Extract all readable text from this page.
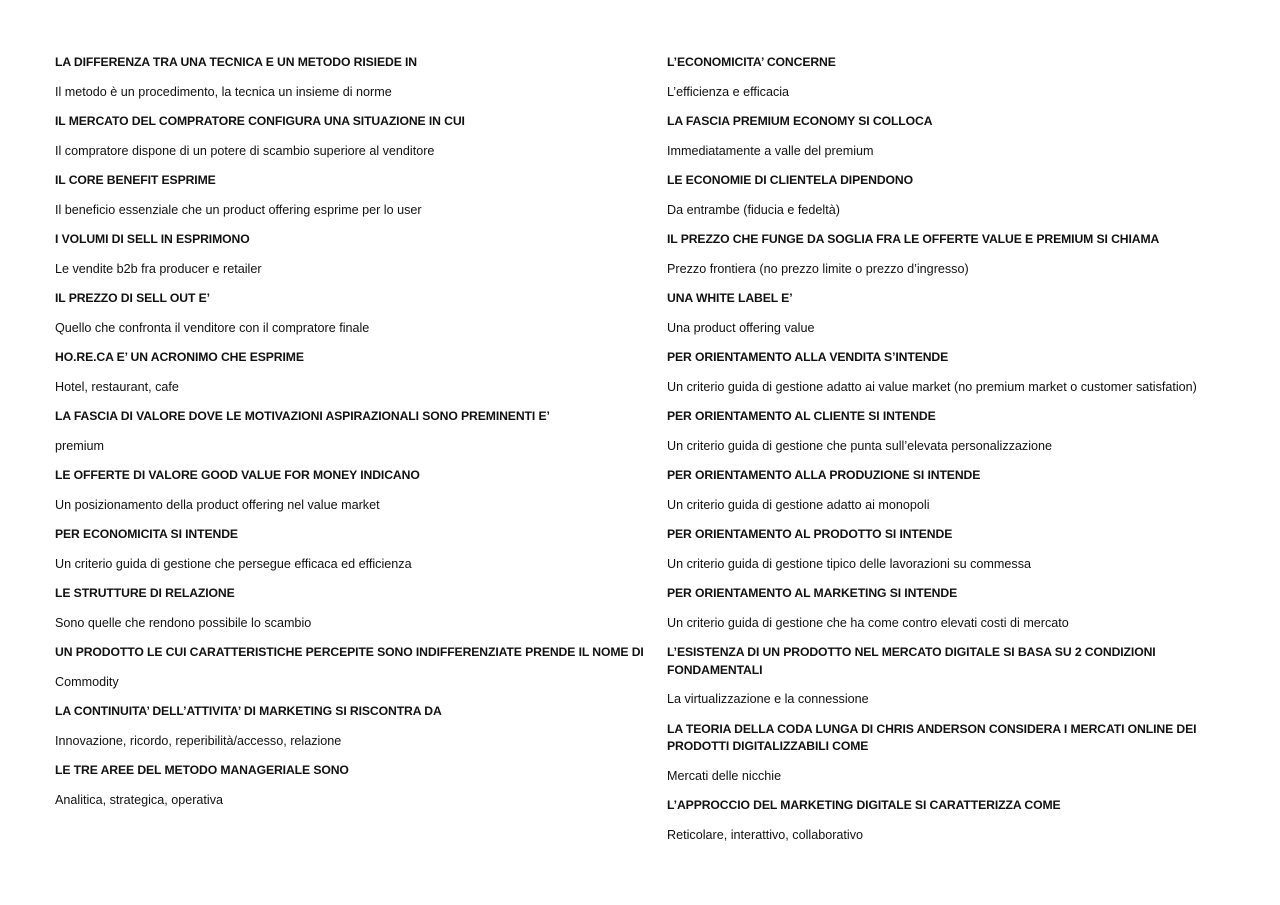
LA DIFFERENZA TRA UNA TECNICA E UN METODO RISIEDE IN

Il metodo è un procedimento, la tecnica un insieme di norme

IL MERCATO DEL COMPRATORE CONFIGURA UNA SITUAZIONE IN CUI

Il compratore dispone di un potere di scambio superiore al venditore

IL CORE BENEFIT ESPRIME

Il beneficio essenziale che un product offering esprime per lo user

I VOLUMI DI SELL IN ESPRIMONO

Le vendite b2b fra producer e retailer

IL PREZZO DI SELL OUT E’

Quello che confronta il venditore con il compratore finale

HO.RE.CA E’ UN ACRONIMO CHE ESPRIME

Hotel, restaurant, cafe

LA FASCIA DI VALORE DOVE LE MOTIVAZIONI ASPIRAZIONALI SONO PREMINENTI E’

premium

LE OFFERTE DI VALORE GOOD VALUE FOR MONEY INDICANO

Un posizionamento della product offering nel value market

PER ECONOMICITA SI INTENDE

Un criterio guida di gestione che persegue efficaca ed efficienza

LE STRUTTURE DI RELAZIONE

Sono quelle che rendono possibile lo scambio

UN PRODOTTO LE CUI CARATTERISTICHE PERCEPITE SONO INDIFFERENZIATE PRENDE IL NOME DI

Commodity

LA CONTINUITA’ DELL’ATTIVITA’ DI MARKETING SI RISCONTRA DA

Innovazione, ricordo, reperibilità/accesso, relazione

LE TRE AREE DEL METODO MANAGERIALE SONO

Analitica, strategica, operativa

L’ECONOMICITA’ CONCERNE

L’efficienza e efficacia

LA FASCIA PREMIUM ECONOMY SI COLLOCA

Immediatamente a valle del premium

LE ECONOMIE DI CLIENTELA DIPENDONO

Da entrambe (fiducia e fedeltà)

IL PREZZO CHE FUNGE DA SOGLIA FRA LE OFFERTE VALUE E PREMIUM SI CHIAMA

Prezzo frontiera (no prezzo limite o prezzo d’ingresso)

UNA WHITE LABEL E’

Una product offering value

PER ORIENTAMENTO ALLA VENDITA S’INTENDE

Un criterio guida di gestione adatto ai value market (no premium market o customer satisfation)

PER ORIENTAMENTO AL CLIENTE SI INTENDE

Un criterio guida di gestione che punta sull’elevata personalizzazione

PER ORIENTAMENTO ALLA PRODUZIONE SI INTENDE

Un criterio guida di gestione adatto ai monopoli

PER ORIENTAMENTO AL PRODOTTO SI INTENDE

Un criterio guida di gestione tipico delle lavorazioni su commessa

PER ORIENTAMENTO AL MARKETING SI INTENDE

Un criterio guida di gestione che ha come contro elevati costi di mercato

L’ESISTENZA DI UN PRODOTTO NEL MERCATO DIGITALE SI BASA SU 2 CONDIZIONI FONDAMENTALI

La virtualizzazione e la connessione

LA TEORIA DELLA CODA LUNGA DI CHRIS ANDERSON CONSIDERA I MERCATI ONLINE DEI PRODOTTI DIGITALIZZABILI COME

Mercati delle nicchie

L’APPROCCIO DEL MARKETING DIGITALE SI CARATTERIZZA COME

Reticolare, interattivo, collaborativo
